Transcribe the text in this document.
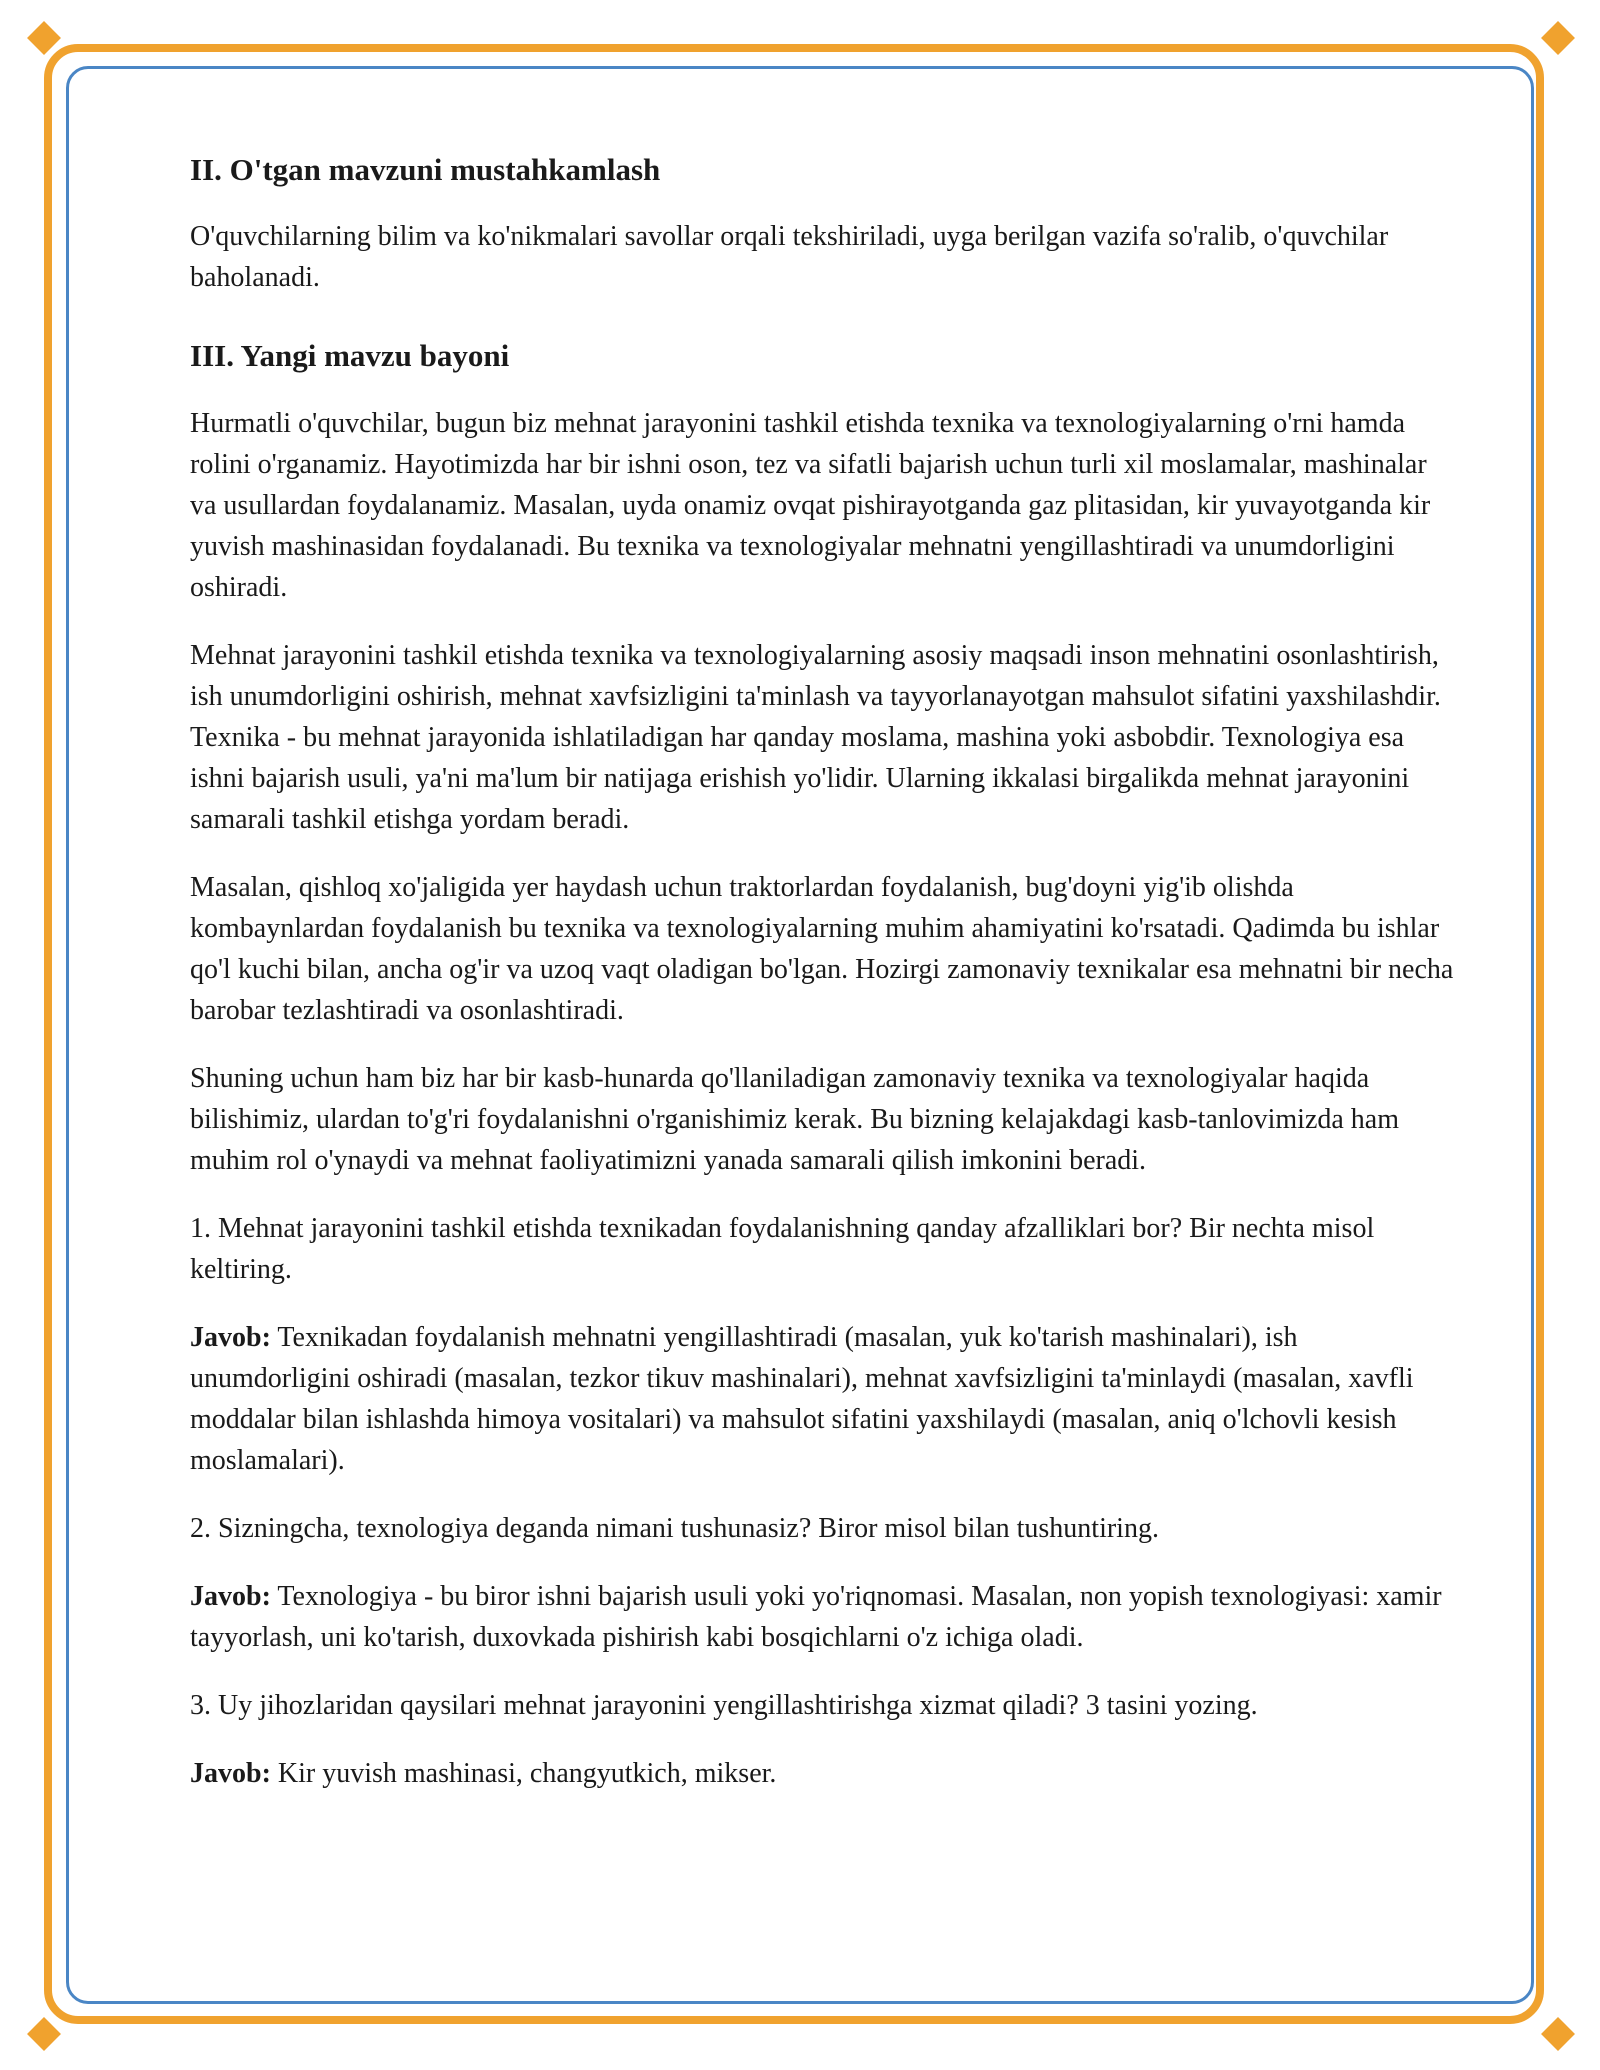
II. O'tgan mavzuni mustahkamlash

O'quvchilarning bilim va ko'nikmalari savollar orqali tekshiriladi, uyga berilgan vazifa so'ralib, o'quvchilar baholanadi.

III. Yangi mavzu bayoni

Hurmatli o'quvchilar, bugun biz mehnat jarayonini tashkil etishda texnika va texnologiyalarning o'rni hamda rolini o'rganamiz. Hayotimizda har bir ishni oson, tez va sifatli bajarish uchun turli xil moslamalar, mashinalar va usullardan foydalanamiz. Masalan, uyda onamiz ovqat pishirayotganda gaz plitasidan, kir yuvayotganda kir yuvish mashinasidan foydalanadi. Bu texnika va texnologiyalar mehnatni yengillashtiradi va unumdorligini oshiradi.

Mehnat jarayonini tashkil etishda texnika va texnologiyalarning asosiy maqsadi inson mehnatini osonlashtirish, ish unumdorligini oshirish, mehnat xavfsizligini ta'minlash va tayyorlanayotgan mahsulot sifatini yaxshilashdir. Texnika - bu mehnat jarayonida ishlatiladigan har qanday moslama, mashina yoki asbobdir. Texnologiya esa ishni bajarish usuli, ya'ni ma'lum bir natijaga erishish yo'lidir. Ularning ikkalasi birgalikda mehnat jarayonini samarali tashkil etishga yordam beradi.

Masalan, qishloq xo'jaligida yer haydash uchun traktorlardan foydalanish, bug'doyni yig'ib olishda kombaynlardan foydalanish bu texnika va texnologiyalarning muhim ahamiyatini ko'rsatadi. Qadimda bu ishlar qo'l kuchi bilan, ancha og'ir va uzoq vaqt oladigan bo'lgan. Hozirgi zamonaviy texnikalar esa mehnatni bir necha barobar tezlashtiradi va osonlashtiradi.

Shuning uchun ham biz har bir kasb-hunarda qo'llaniladigan zamonaviy texnika va texnologiyalar haqida bilishimiz, ulardan to'g'ri foydalanishni o'rganishimiz kerak. Bu bizning kelajakdagi kasb-tanlovimizda ham muhim rol o'ynaydi va mehnat faoliyatimizni yanada samarali qilish imkonini beradi.

1. Mehnat jarayonini tashkil etishda texnikadan foydalanishning qanday afzalliklari bor? Bir nechta misol keltiring.

Javob: Texnikadan foydalanish mehnatni yengillashtiradi (masalan, yuk ko'tarish mashinalari), ish unumdorligini oshiradi (masalan, tezkor tikuv mashinalari), mehnat xavfsizligini ta'minlaydi (masalan, xavfli moddalar bilan ishlashda himoya vositalari) va mahsulot sifatini yaxshilaydi (masalan, aniq o'lchovli kesish moslamalari).

2. Sizningcha, texnologiya deganda nimani tushunasiz? Biror misol bilan tushuntiring.

Javob: Texnologiya - bu biror ishni bajarish usuli yoki yo'riqnomasi. Masalan, non yopish texnologiyasi: xamir tayyorlash, uni ko'tarish, duxovkada pishirish kabi bosqichlarni o'z ichiga oladi.

3. Uy jihozlaridan qaysilari mehnat jarayonini yengillashtirishga xizmat qiladi? 3 tasini yozing.

Javob: Kir yuvish mashinasi, changyutkich, mikser.
